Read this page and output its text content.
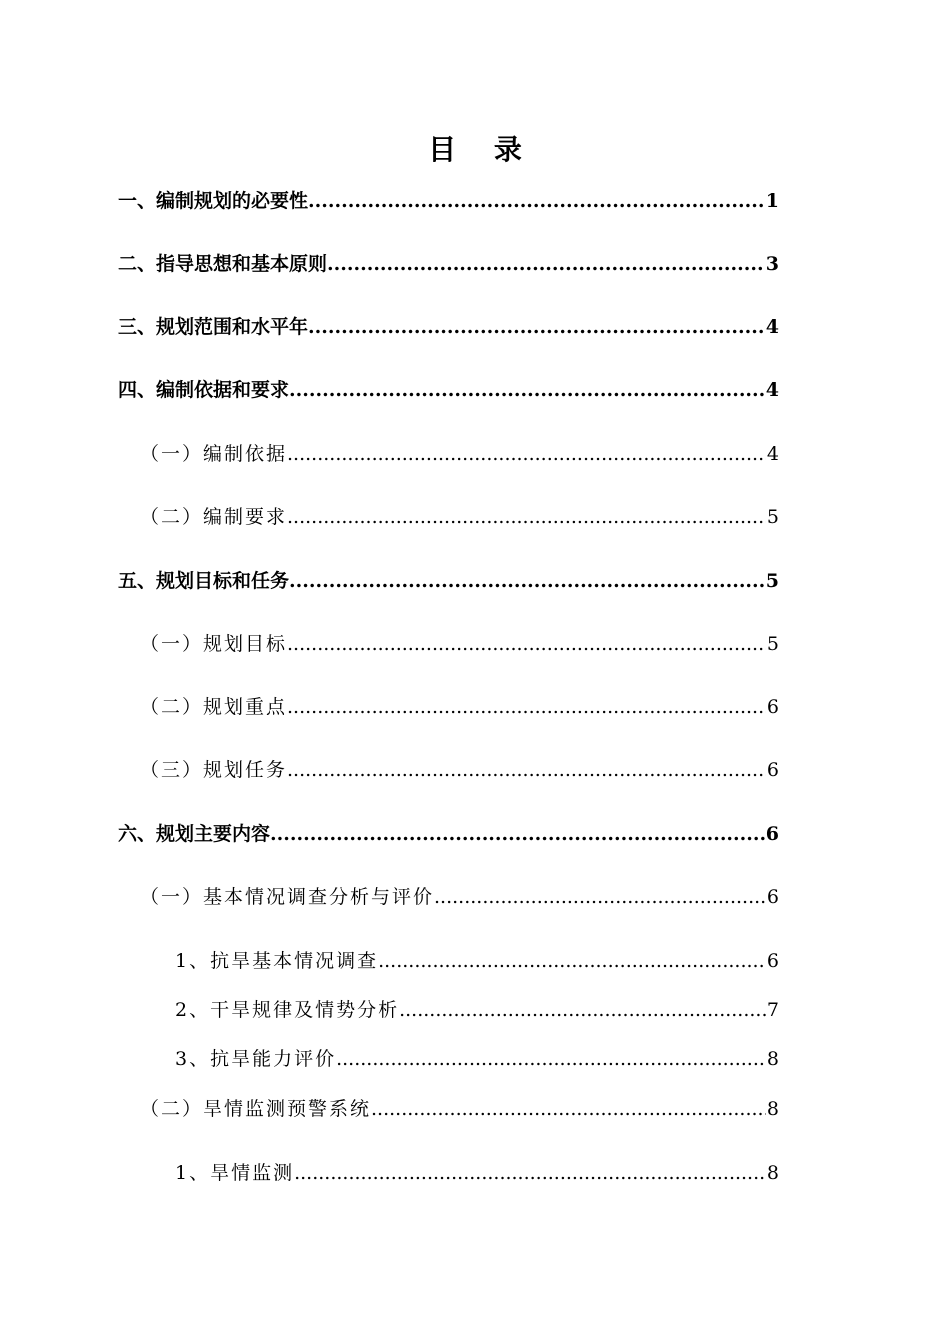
目 录
一、编制规划的必要性 .....	1
二、指导思想和基本原则 .....	3
三、规划范围和水平年 .....	4
四、编制依据和要求 .....	4
（一）编制依据 .....	4
（二）编制要求 .....	5
五、规划目标和任务 .....	5
（一）规划目标 .....	5
（二）规划重点 .....	6
（三）规划任务 .....	6
六、规划主要内容 .....	6
（一）基本情况调查分析与评价 .....	6
1、抗旱基本情况调查 .....	6
2、干旱规律及情势分析 .....	7
3、抗旱能力评价 .....	8
（二）旱情监测预警系统 .....	8
1、旱情监测 .....	8
